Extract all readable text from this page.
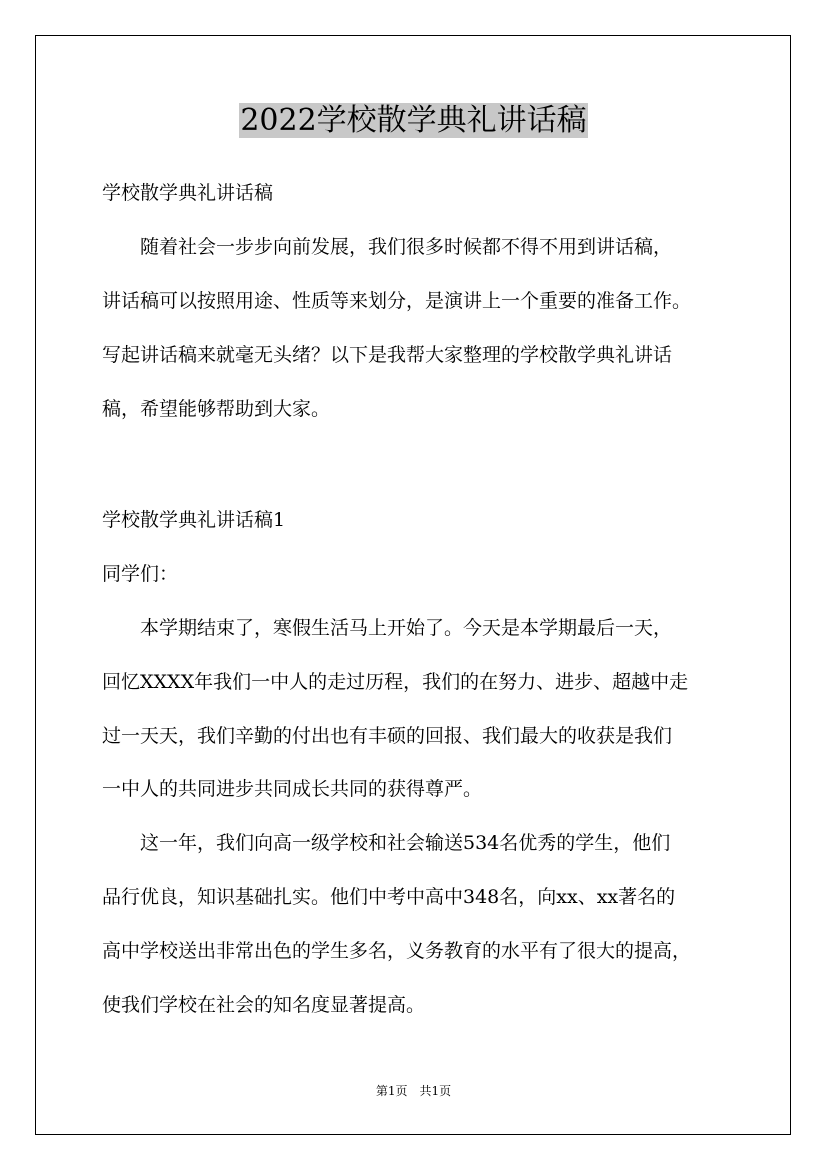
2022学校散学典礼讲话稿

学校散学典礼讲话稿

　　随着社会一步步向前发展，我们很多时候都不得不用到讲话稿，

讲话稿可以按照用途、性质等来划分，是演讲上一个重要的准备工作。

写起讲话稿来就毫无头绪？以下是我帮大家整理的学校散学典礼讲话

稿，希望能够帮助到大家。

学校散学典礼讲话稿1

同学们：

　　本学期结束了，寒假生活马上开始了。今天是本学期最后一天，

回忆XXXX年我们一中人的走过历程，我们的在努力、进步、超越中走

过一天天，我们辛勤的付出也有丰硕的回报、我们最大的收获是我们

一中人的共同进步共同成长共同的获得尊严。

　　这一年，我们向高一级学校和社会输送534名优秀的学生，他们

品行优良，知识基础扎实。他们中考中高中348名，向xx、xx著名的

高中学校送出非常出色的学生多名，义务教育的水平有了很大的提高，

使我们学校在社会的知名度显著提高。

第1页　共1页
